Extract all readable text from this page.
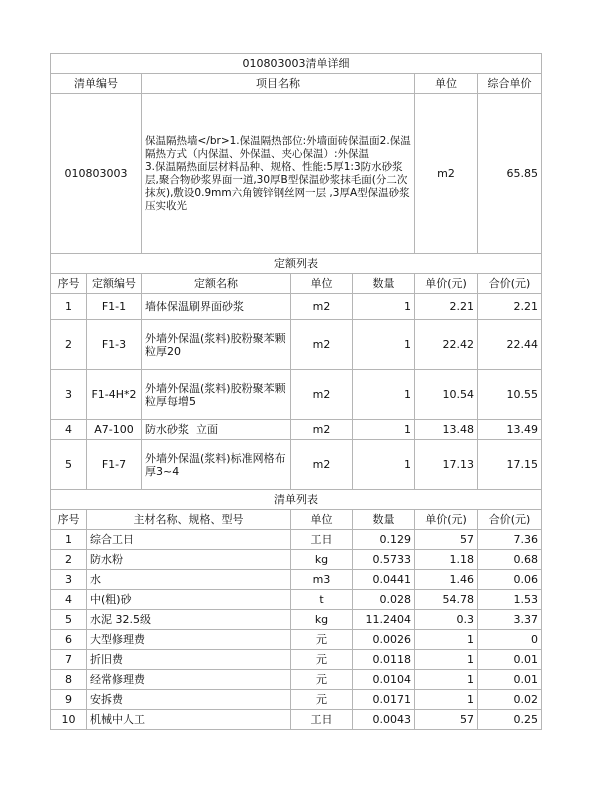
010803003清单详细						
清单编号		项目名称			单位	综合单价
010803003		保温隔热墙</br>1.保温隔热部位:外墙面砖保温面2.保温隔热方式（内保温、外保温、夹心保温）:外保温
3.保温隔热面层材料品种、规格、性能:5厚1:3防水砂浆层,聚合物砂浆界面一道,30厚B型保温砂浆抹毛面(分二次抹灰),敷设0.9mm六角镀锌钢丝网一层 ,3厚A型保温砂浆压实收光			m2	65.85
定额列表						
序号	定额编号	定额名称	单位	数量	单价(元)	合价(元)
1	F1-1	墙体保温刷界面砂浆	m2	1	2.21	2.21
2	F1-3	外墙外保温(浆料)胶粉聚苯颗粒厚20	m2	1	22.42	22.44
3	F1-4H*2	外墙外保温(浆料)胶粉聚苯颗粒厚每增5	m2	1	10.54	10.55
4	A7-100	防水砂浆  立面	m2	1	13.48	13.49
5	F1-7	外墙外保温(浆料)标准网格布厚3~4	m2	1	17.13	17.15
清单列表						
序号	主材名称、规格、型号		单位	数量	单价(元)	合价(元)
1	综合工日		工日	0.129	57	7.36
2	防水粉		kg	0.5733	1.18	0.68
3	水		m3	0.0441	1.46	0.06
4	中(粗)砂		t	0.028	54.78	1.53
5	水泥 32.5级		kg	11.2404	0.3	3.37
6	大型修理费		元	0.0026	1	0
7	折旧费		元	0.0118	1	0.01
8	经常修理费		元	0.0104	1	0.01
9	安拆费		元	0.0171	1	0.02
10	机械中人工		工日	0.0043	57	0.25
